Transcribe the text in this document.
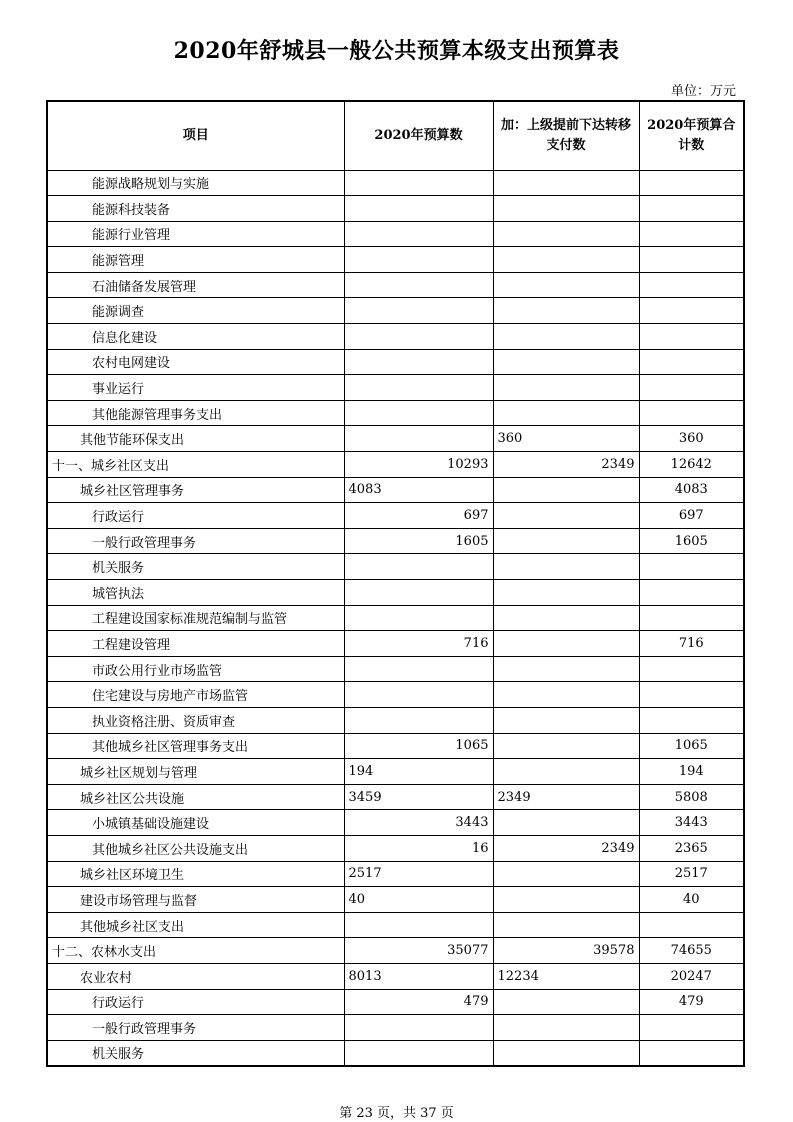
2020年舒城县一般公共预算本级支出预算表
单位：万元
项目	2020年预算数	加：上级提前下达转移支付数	2020年预算合计数
能源战略规划与实施			
能源科技装备			
能源行业管理			
能源管理			
石油储备发展管理			
能源调查			
信息化建设			
农村电网建设			
事业运行			
其他能源管理事务支出			
其他节能环保支出		360	360
十一、城乡社区支出	10293	2349	12642
城乡社区管理事务	4083		4083
行政运行	697		697
一般行政管理事务	1605		1605
机关服务			
城管执法			
工程建设国家标准规范编制与监管			
工程建设管理	716		716
市政公用行业市场监管			
住宅建设与房地产市场监管			
执业资格注册、资质审查			
其他城乡社区管理事务支出	1065		1065
城乡社区规划与管理	194		194
城乡社区公共设施	3459	2349	5808
小城镇基础设施建设	3443		3443
其他城乡社区公共设施支出	16	2349	2365
城乡社区环境卫生	2517		2517
建设市场管理与监督	40		40
其他城乡社区支出			
十二、农林水支出	35077	39578	74655
农业农村	8013	12234	20247
行政运行	479		479
一般行政管理事务			
机关服务			
第 23 页，共 37 页
